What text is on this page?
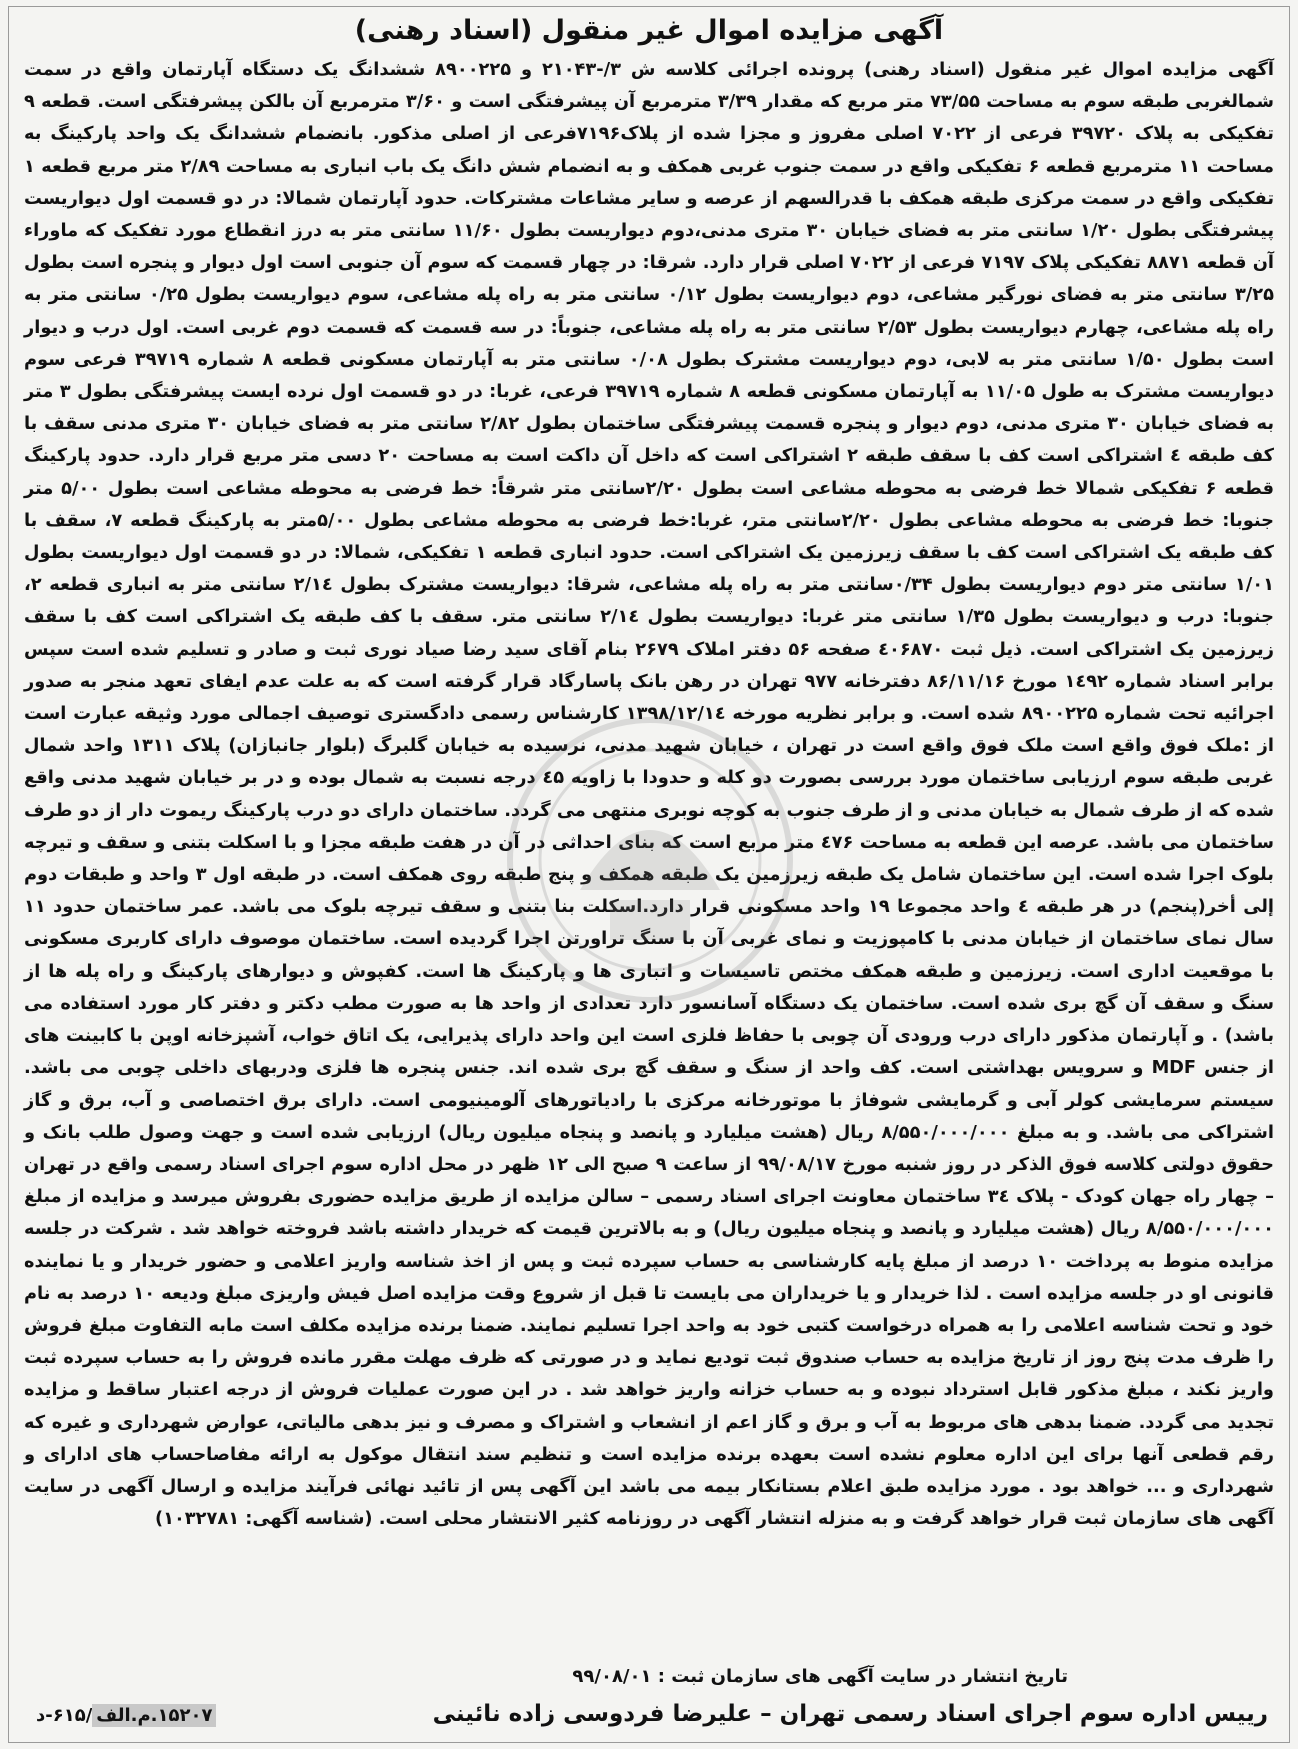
آگهی مزایده اموال غیر منقول (اسناد رهنی)

آگهی مزایده اموال غیر منقول (اسناد رهنی) پرونده اجرائی کلاسه ش ۳/-۲۱۰۴۳ و ۸۹۰۰۲۲۵ ششدانگ یک دستگاه آپارتمان واقع در سمت شمالغربی طبقه سوم به مساحت ۷۳/۵۵ متر مربع که مقدار ۳/۳۹ مترمربع آن پیشرفتگی است و ۳/۶۰ مترمربع آن بالکن پیشرفتگی است. قطعه ۹ تفکیکی به پلاک ۳۹۷۲۰ فرعی از ۷۰۲۲ اصلی مفروز و مجزا شده از پلاک۷۱۹۶فرعی از اصلی مذکور. بانضمام ششدانگ یک واحد پارکینگ به مساحت ۱۱ مترمربع قطعه ۶ تفکیکی واقع در سمت جنوب غربی همکف و به انضمام شش دانگ یک باب انباری به مساحت ۲/۸۹ متر مربع قطعه ۱ تفکیکی واقع در سمت مرکزی طبقه همکف با قدرالسهم از عرصه و سایر مشاعات مشترکات. حدود آپارتمان شمالا: در دو قسمت اول دیواریست پیشرفتگی بطول ۱/۲۰ سانتی متر به فضای خیابان ۳۰ متری مدنی،دوم دیواریست بطول ۱۱/۶۰ سانتی متر به درز انقطاع مورد تفکیک که ماوراء آن قطعه ۸۸۷۱ تفکیکی پلاک ۷۱۹۷ فرعی از ۷۰۲۲ اصلی قرار دارد. شرقا: در چهار قسمت که سوم آن جنوبی است اول دیوار و پنجره است بطول ۳/۲۵ سانتی متر به فضای نورگیر مشاعی، دوم دیواریست بطول ۰/۱۲ سانتی متر به راه پله مشاعی، سوم دیواریست بطول ۰/۲۵ سانتی متر به راه پله مشاعی، چهارم دیواریست بطول ۲/۵۳ سانتی متر به راه پله مشاعی، جنوباً: در سه قسمت که قسمت دوم غربی است. اول درب و دیوار است بطول ۱/۵۰ سانتی متر به لابی، دوم دیواریست مشترک بطول ۰/۰۸ سانتی متر به آپارتمان مسکونی قطعه ۸ شماره ۳۹۷۱۹ فرعی سوم دیواریست مشترک به طول ۱۱/۰۵ به آپارتمان مسکونی قطعه ۸ شماره ۳۹۷۱۹ فرعی، غربا: در دو قسمت اول نرده ایست پیشرفتگی بطول ۳ متر به فضای خیابان ۳۰ متری مدنی، دوم دیوار و پنجره قسمت پیشرفتگی ساختمان بطول ۲/۸۲ سانتی متر به فضای خیابان ۳۰ متری مدنی سقف با کف طبقه ٤ اشتراکی است کف با سقف طبقه ۲ اشتراکی است که داخل آن داکت است به مساحت ۲۰ دسی متر مربع قرار دارد. حدود پارکینگ قطعه ۶ تفکیکی شمالا خط فرضی به محوطه مشاعی است بطول ۲/۲۰سانتی متر شرقاً: خط فرضی به محوطه مشاعی است بطول ۵/۰۰ متر جنوبا: خط فرضی به محوطه مشاعی بطول ۲/۲۰سانتی متر، غربا:خط فرضی به محوطه مشاعی بطول ۵/۰۰متر به پارکینگ قطعه ۷، سقف با کف طبقه یک اشتراکی است کف با سقف زیرزمین یک اشتراکی است. حدود انباری قطعه ۱ تفکیکی، شمالا: در دو قسمت اول دیواریست بطول ۱/۰۱ سانتی متر دوم دیواریست بطول ۰/۳۴سانتی متر به راه پله مشاعی، شرقا: دیواریست مشترک بطول ۲/۱٤ سانتی متر به انباری قطعه ۲، جنوبا: درب و دیواریست بطول ۱/۳۵ سانتی متر غربا: دیواریست بطول ۲/۱٤ سانتی متر. سقف با کف طبقه یک اشتراکی است کف با سقف زیرزمین یک اشتراکی است. ذیل ثبت ٤۰۶۸۷۰ صفحه ۵۶ دفتر املاک ۲۶۷۹ بنام آقای سید رضا صیاد نوری ثبت و صادر و تسلیم شده است سپس برابر اسناد شماره ۱٤۹۲ مورخ ۸۶/۱۱/۱۶ دفترخانه ۹۷۷ تهران در رهن بانک پاسارگاد قرار گرفته است که به علت عدم ایفای تعهد منجر به صدور اجرائیه تحت شماره ۸۹۰۰۲۲۵ شده است. و برابر نظریه مورخه ۱۳۹۸/۱۲/۱٤ کارشناس رسمی دادگستری توصیف اجمالی مورد وثیقه عبارت است از :ملک فوق واقع است ملک فوق واقع است در تهران ، خیابان شهید مدنی، نرسیده به خیابان گلبرگ (بلوار جانبازان) پلاک ۱۳۱۱ واحد شمال غربی طبقه سوم ارزیابی ساختمان مورد بررسی بصورت دو کله و حدودا با زاویه ٤۵ درجه نسبت به شمال بوده و در بر خیابان شهید مدنی واقع شده که از طرف شمال به خیابان مدنی و از طرف جنوب به کوچه نوبری منتهی می گردد. ساختمان دارای دو درب پارکینگ ریموت دار از دو طرف ساختمان می باشد. عرصه این قطعه به مساحت ٤۷۶ متر مربع است که بنای احداثی در آن در هفت طبقه مجزا و با اسکلت بتنی و سقف و تیرچه بلوک اجرا شده است. این ساختمان شامل یک طبقه زیرزمین یک طبقه همکف و پنج طبقه روی همکف است. در طبقه اول ۳ واحد و طبقات دوم إلی أخر(پنجم) در هر طبقه ٤ واحد مجموعا ۱۹ واحد مسکونی قرار دارد.اسکلت بنا بتنی و سقف تیرچه بلوک می باشد. عمر ساختمان حدود ۱۱ سال نمای ساختمان از خیابان مدنی با کامپوزیت و نمای غربی آن با سنگ تراورتن اجرا گردیده است. ساختمان موصوف دارای کاربری مسکونی با موقعیت اداری است. زیرزمین و طبقه همکف مختص تاسیسات و انباری ها و پارکینگ ها است. کفپوش و دیوارهای پارکینگ و راه پله ها از سنگ و سقف آن گچ بری شده است. ساختمان یک دستگاه آسانسور دارد تعدادی از واحد ها به صورت مطب دکتر و دفتر کار مورد استفاده می باشد) . و آپارتمان مذکور دارای درب ورودی آن چوبی با حفاظ فلزی است این واحد دارای پذیرایی، یک اتاق خواب، آشپزخانه اوپن با کابینت های از جنس MDF و سرویس بهداشتی است. کف واحد از سنگ و سقف گچ بری شده اند. جنس پنجره ها فلزی ودربهای داخلی چوبی می باشد. سیستم سرمایشی کولر آبی و گرمایشی شوفاژ با موتورخانه مرکزی با رادیاتورهای آلومینیومی است. دارای برق اختصاصی و آب، برق و گاز اشتراکی می باشد. و به مبلغ ۸/۵۵۰/۰۰۰/۰۰۰ ریال (هشت میلیارد و پانصد و پنجاه میلیون ریال) ارزیابی شده است و جهت وصول طلب بانک و حقوق دولتی کلاسه فوق الذکر در روز شنبه مورخ ۹۹/۰۸/۱۷ از ساعت ۹ صبح الی ۱۲ ظهر در محل اداره سوم اجرای اسناد رسمی واقع در تهران – چهار راه جهان کودک - پلاک ۳٤ ساختمان معاونت اجرای اسناد رسمی – سالن مزایده از طریق مزایده حضوری بفروش میرسد و مزایده از مبلغ ۸/۵۵۰/۰۰۰/۰۰۰ ریال (هشت میلیارد و پانصد و پنجاه میلیون ریال) و به بالاترین قیمت که خریدار داشته باشد فروخته خواهد شد . شرکت در جلسه مزایده منوط به پرداخت ۱۰ درصد از مبلغ پایه کارشناسی به حساب سپرده ثبت و پس از اخذ شناسه واریز اعلامی و حضور خریدار و یا نماینده قانونی او در جلسه مزایده است . لذا خریدار و یا خریداران می بایست تا قبل از شروع وقت مزایده اصل فیش واریزی مبلغ ودیعه ۱۰ درصد به نام خود و تحت شناسه اعلامی را به همراه درخواست کتبی خود به واحد اجرا تسلیم نمایند. ضمنا برنده مزایده مکلف است مابه التفاوت مبلغ فروش را ظرف مدت پنج روز از تاریخ مزایده به حساب صندوق ثبت تودیع نماید و در صورتی که ظرف مهلت مقرر مانده فروش را به حساب سپرده ثبت واریز نکند ، مبلغ مذکور قابل استرداد نبوده و به حساب خزانه واریز خواهد شد . در این صورت عملیات فروش از درجه اعتبار ساقط و مزایده تجدید می گردد. ضمنا بدهی های مربوط به آب و برق و گاز اعم از انشعاب و اشتراک و مصرف و نیز بدهی مالیاتی، عوارض شهرداری و غیره که رقم قطعی آنها برای این اداره معلوم نشده است بعهده برنده مزایده است و تنظیم سند انتقال موکول به ارائه مفاصاحساب های ادارای و شهرداری و ... خواهد بود . مورد مزایده طبق اعلام بستانکار بیمه می باشد این آگهی پس از تائید نهائی فرآیند مزایده و ارسال آگهی در سایت آگهی های سازمان ثبت قرار خواهد گرفت و به منزله انتشار آگهی در روزنامه کثیر الانتشار محلی است. (شناسه آگهی: ۱۰۳۲۷۸۱)

تاریخ انتشار در سایت آگهی های سازمان ثبت : ۹۹/۰۸/۰۱
رییس اداره سوم اجرای اسناد رسمی تهران – علیرضا فردوسی زاده نائینی
۱۵۲۰۷.م.الف/۶۱۵-د
